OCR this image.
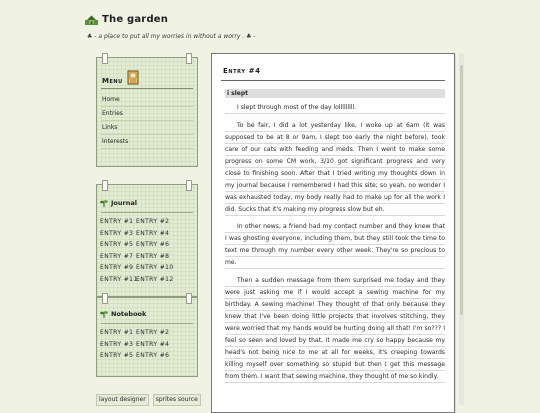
The garden
♣ - a place to put all my worries in without a worry . ♣ -
Menu
Home
Entries
Links
Interests
Journal
ENTRY #1 ENTRY #2
ENTRY #3 ENTRY #4
ENTRY #5 ENTRY #6
ENTRY #7 ENTRY #8
ENTRY #9 ENTRY #10
ENTRY #11
ENTRY #12
Notebook
ENTRY #1 ENTRY #2
ENTRY #3 ENTRY #4
ENTRY #5 ENTRY #6
layout designer	sprites source
Entry #4
i slept

I slept through most of the day lolllllllll.

To be fair, I did a lot yesterday like, I woke up at 6am (it was supposed to be at 8 or 9am, I slept too early the night before), took care of our cats with feeding and meds. Then I went to make some progress on some CM work, 3/10 got significant progress and very close to finishing soon. After that I tried writing my thoughts down in my journal because I remembered I had this site; so yeah, no wonder I was exhausted today, my body really had to make up for all the work I did. Sucks that it's making my progress slow but eh.

In other news, a friend had my contact number and they knew that I was ghosting everyone, including them, but they still took the time to text me through my number every other week. They're so precious to me.

Then a sudden message from them surprised me today and they were just asking me if I would accept a sewing machine for my birthday. A sewing machine! They thought of that only because they knew that I've been doing little projects that involves stitching, they were worried that my hands would be hurting doing all that! I'm so??? I feel so seen and loved by that, it made me cry so happy because my head's not being nice to me at all for weeks, it's creeping towards killing myself over something so stupid but then I get this message from them. I want that sewing machine, they thought of me so kindly.
